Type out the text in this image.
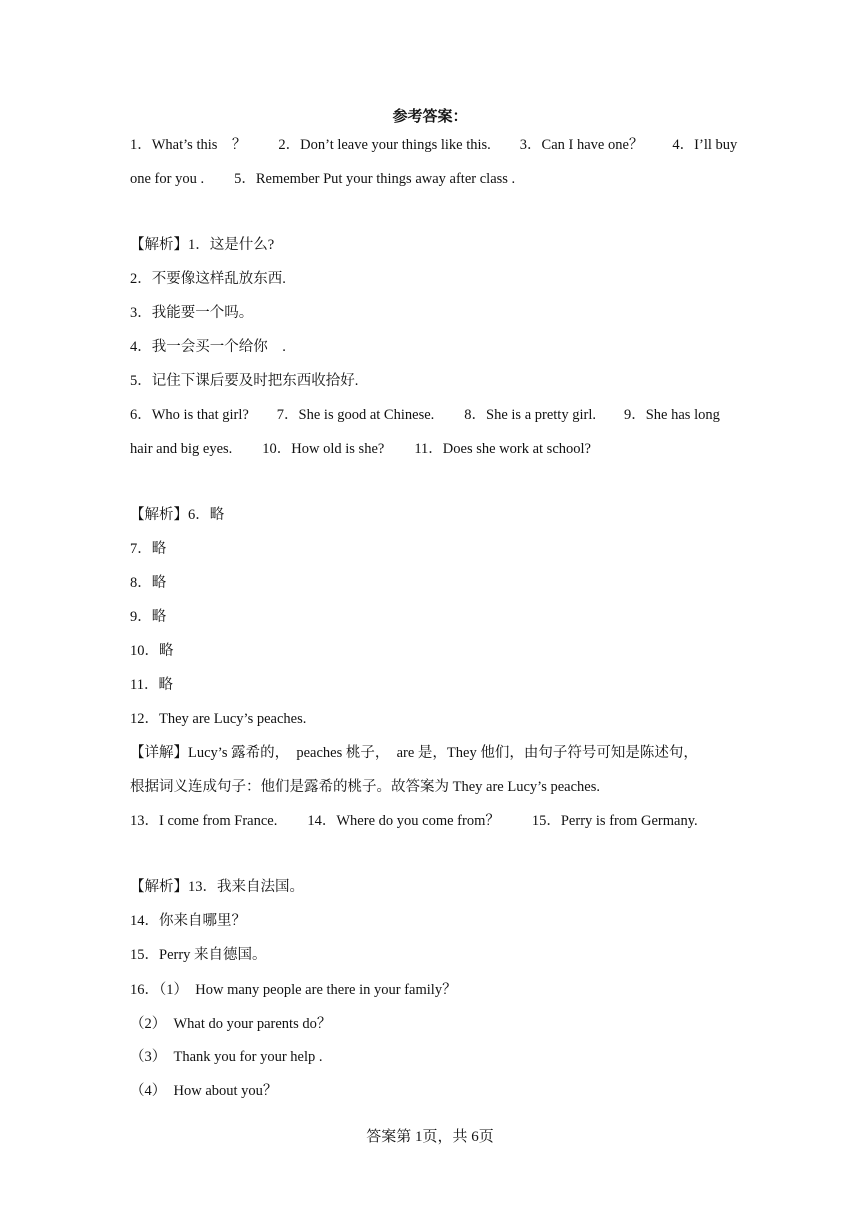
参考答案：
1．What’s this　？ 2．Don’t leave your things like this. 3．Can I have one？ 4．I’ll buy
one for you . 5．Remember Put your things away after class .
【解析】1．这是什么?
2．不要像这样乱放东西.
3．我能要一个吗。
4．我一会买一个给你　.
5．记住下课后要及时把东西收拾好.
6．Who is that girl? 7．She is good at Chinese. 8．She is a pretty girl. 9．She has long
hair and big eyes. 10．How old is she? 11．Does she work at school?
【解析】6．略
7．略
8．略
9．略
10．略
11．略
12．They are Lucy’s peaches.
【详解】Lucy’s 露希的，　peaches 桃子，　are 是，They 他们，由句子符号可知是陈述句，
根据词义连成句子：他们是露希的桃子。故答案为 They are Lucy’s peaches.
13．I come from France. 14．Where do you come from？ 15．Perry is from Germany.
【解析】13．我来自法国。
14．你来自哪里？
15．Perry 来自德国。
16．（1）　How many people are there in your family？
（2）　What do your parents do？
（3）　Thank you for your help .
（4）　How about you？
答案第 1页，共 6页
